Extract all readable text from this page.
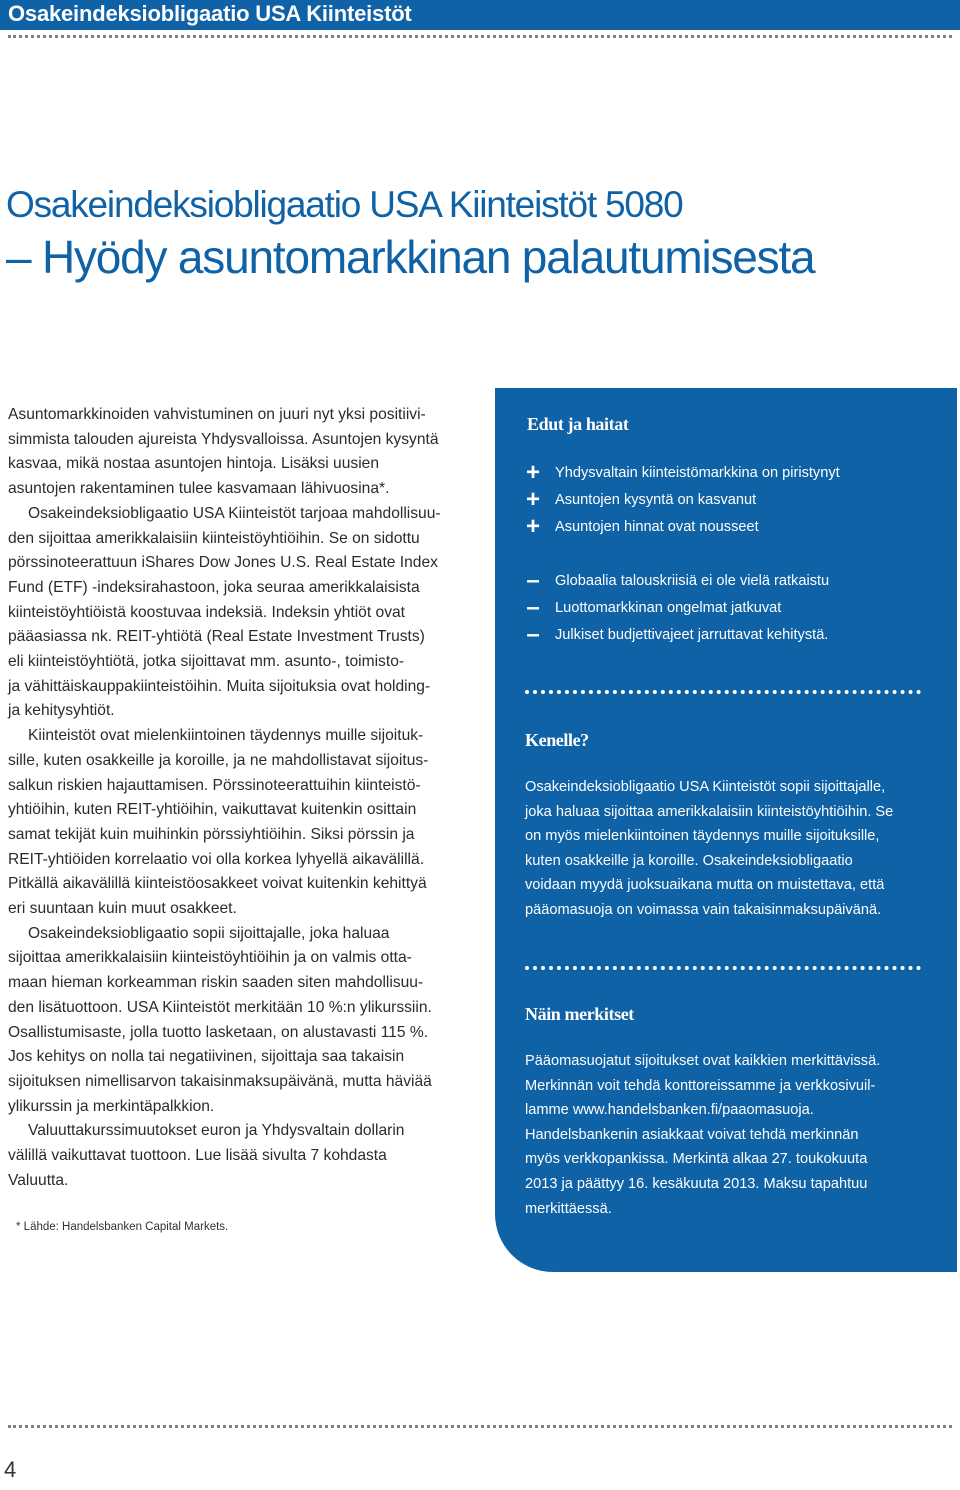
Osakeindeksiobligaatio USA Kiinteistöt
Osakeindeksiobligaatio USA Kiinteistöt 5080
– Hyödy asuntomarkkinan palautumisesta

Asuntomarkkinoiden vahvistuminen on juuri nyt yksi positiivi-
simmista talouden ajureista Yhdysvalloissa. Asuntojen kysyntä
kasvaa, mikä nostaa asuntojen hintoja. Lisäksi uusien
asuntojen rakentaminen tulee kasvamaan lähivuosina*.

Osakeindeksiobligaatio USA Kiinteistöt tarjoaa mahdollisuu-
den sijoittaa amerikkalaisiin kiinteistöyhtiöihin. Se on sidottu
pörssinoteerattuun iShares Dow Jones U.S. Real Estate Index
Fund (ETF) -indeksirahastoon, joka seuraa amerikkalaisista
kiinteistöyhtiöistä koostuvaa indeksiä. Indeksin yhtiöt ovat
pääasiassa nk. REIT-yhtiötä (Real Estate Investment Trusts)
eli kiinteistöyhtiötä, jotka sijoittavat mm. asunto-, toimisto-
ja vähittäiskauppakiinteistöihin. Muita sijoituksia ovat holding-
ja kehitysyhtiöt.

Kiinteistöt ovat mielenkiintoinen täydennys muille sijoituk-
sille, kuten osakkeille ja koroille, ja ne mahdollistavat sijoitus-
salkun riskien hajauttamisen. Pörssinoteerattuihin kiinteistö-
yhtiöihin, kuten REIT-yhtiöihin, vaikuttavat kuitenkin osittain
samat tekijät kuin muihinkin pörssiyhtiöihin. Siksi pörssin ja
REIT-yhtiöiden korrelaatio voi olla korkea lyhyellä aikavälillä.
Pitkällä aikavälillä kiinteistöosakkeet voivat kuitenkin kehittyä
eri suuntaan kuin muut osakkeet.

Osakeindeksiobligaatio sopii sijoittajalle, joka haluaa
sijoittaa amerikkalaisiin kiinteistöyhtiöihin ja on valmis otta-
maan hieman korkeamman riskin saaden siten mahdollisuu-
den lisätuottoon. USA Kiinteistöt merkitään 10 %:n ylikurssiin.
Osallistumisaste, jolla tuotto lasketaan, on alustavasti 115 %.
Jos kehitys on nolla tai negatiivinen, sijoittaja saa takaisin
sijoituksen nimellisarvon takaisinmaksupäivänä, mutta häviää
ylikurssin ja merkintäpalkkion.

Valuuttakurssimuutokset euron ja Yhdysvaltain dollarin
välillä vaikuttavat tuottoon. Lue lisää sivulta 7 kohdasta
Valuutta.

* Lähde: Handelsbanken Capital Markets.
Edut ja haitat
+ Yhdysvaltain kiinteistömarkkina on piristynyt
+ Asuntojen kysyntä on kasvanut
+ Asuntojen hinnat ovat nousseet
– Globaalia talouskriisiä ei ole vielä ratkaistu
– Luottomarkkinan ongelmat jatkuvat
– Julkiset budjettivajeet jarruttavat kehitystä.
Kenelle?
Osakeindeksiobligaatio USA Kiinteistöt sopii sijoittajalle,
joka haluaa sijoittaa amerikkalaisiin kiinteistöyhtiöihin. Se
on myös mielenkiintoinen täydennys muille sijoituksille,
kuten osakkeille ja koroille. Osakeindeksiobligaatio
voidaan myydä juoksuaikana mutta on muistettava, että
pääomasuoja on voimassa vain takaisinmaksupäivänä.
Näin merkitset
Pääomasuojatut sijoitukset ovat kaikkien merkittävissä.
Merkinnän voit tehdä konttoreissamme ja verkkosivuil-
lamme www.handelsbanken.fi/paaomasuoja.
Handelsbankenin asiakkaat voivat tehdä merkinnän
myös verkkopankissa. Merkintä alkaa 27. toukokuuta
2013 ja päättyy 16. kesäkuuta 2013. Maksu tapahtuu
merkittäessä.
4
